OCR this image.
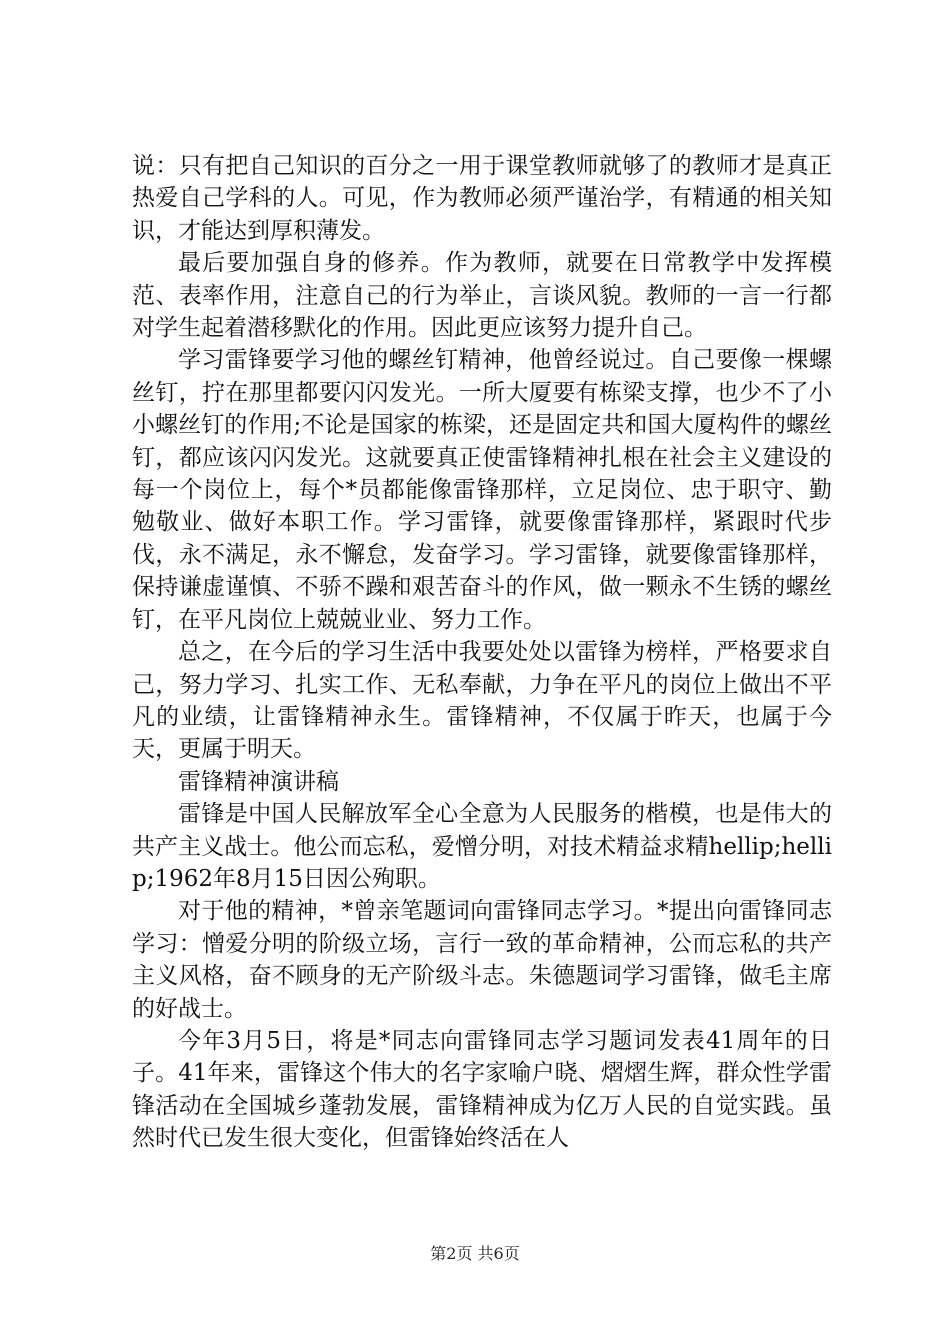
说：只有把自己知识的百分之一用于课堂教师就够了的教师才是真正热爱自己学科的人。可见，作为教师必须严谨治学，有精通的相关知识，才能达到厚积薄发。

最后要加强自身的修养。作为教师，就要在日常教学中发挥模范、表率作用，注意自己的行为举止，言谈风貌。教师的一言一行都对学生起着潜移默化的作用。因此更应该努力提升自己。

学习雷锋要学习他的螺丝钉精神，他曾经说过。自己要像一棵螺丝钉，拧在那里都要闪闪发光。一所大厦要有栋梁支撑，也少不了小小螺丝钉的作用;不论是国家的栋梁，还是固定共和国大厦构件的螺丝钉，都应该闪闪发光。这就要真正使雷锋精神扎根在社会主义建设的每一个岗位上，每个*员都能像雷锋那样，立足岗位、忠于职守、勤勉敬业、做好本职工作。学习雷锋，就要像雷锋那样，紧跟时代步伐，永不满足，永不懈怠，发奋学习。学习雷锋，就要像雷锋那样，保持谦虚谨慎、不骄不躁和艰苦奋斗的作风，做一颗永不生锈的螺丝钉，在平凡岗位上兢兢业业、努力工作。

总之，在今后的学习生活中我要处处以雷锋为榜样，严格要求自己，努力学习、扎实工作、无私奉献，力争在平凡的岗位上做出不平凡的业绩，让雷锋精神永生。雷锋精神，不仅属于昨天，也属于今天，更属于明天。

雷锋精神演讲稿

雷锋是中国人民解放军全心全意为人民服务的楷模，也是伟大的共产主义战士。他公而忘私，爱憎分明，对技术精益求精hellip;hellip;1962年8月15日因公殉职。

对于他的精神，*曾亲笔题词向雷锋同志学习。*提出向雷锋同志学习：憎爱分明的阶级立场，言行一致的革命精神，公而忘私的共产主义风格，奋不顾身的无产阶级斗志。朱德题词学习雷锋，做毛主席的好战士。

今年3月5日，将是*同志向雷锋同志学习题词发表41周年的日子。41年来，雷锋这个伟大的名字家喻户晓、熠熠生辉，群众性学雷锋活动在全国城乡蓬勃发展，雷锋精神成为亿万人民的自觉实践。虽然时代已发生很大变化，但雷锋始终活在人

第2页 共6页
